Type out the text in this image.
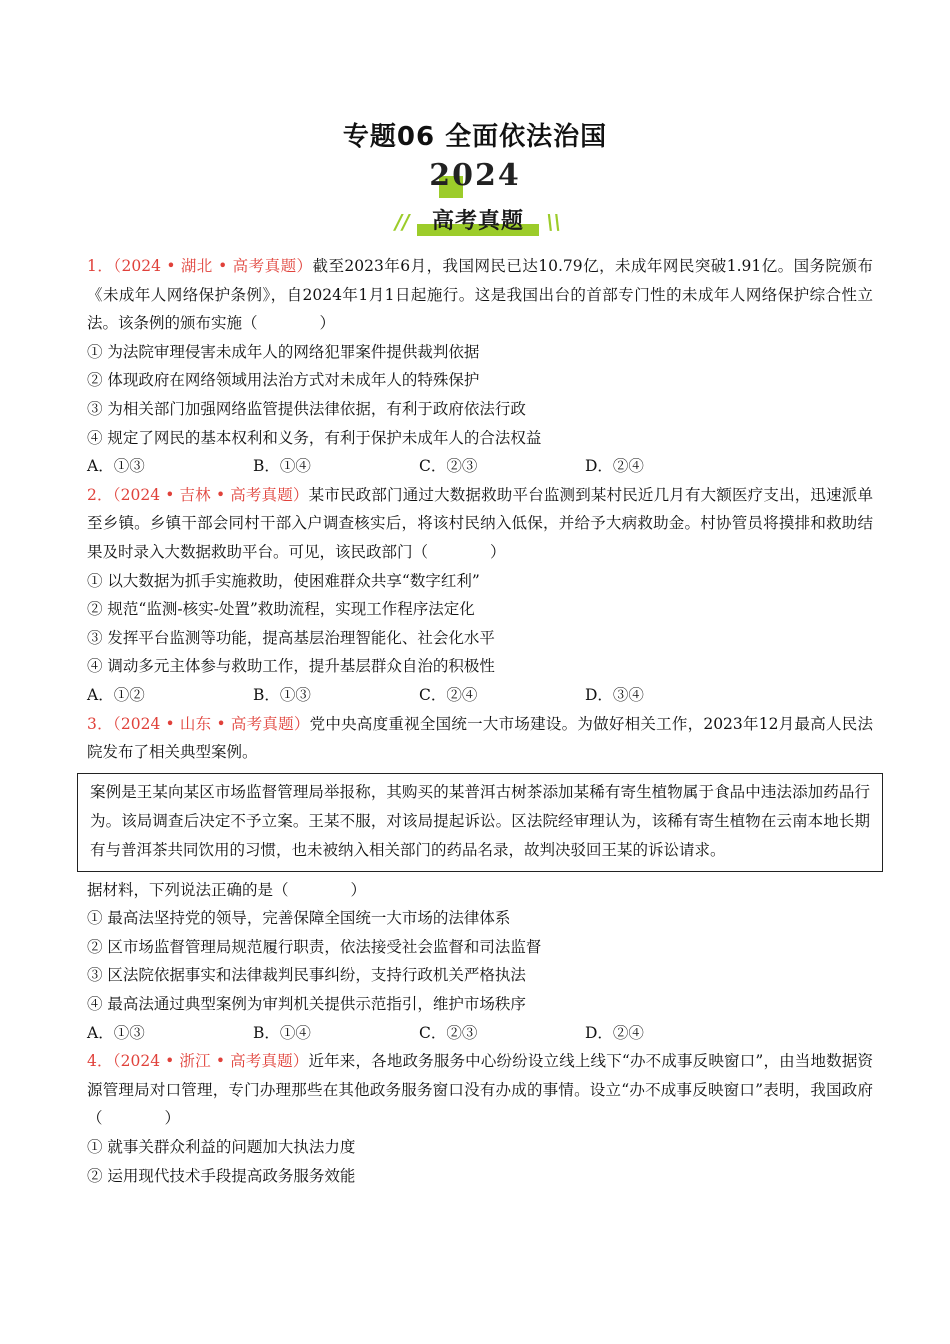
专题06 全面依法治国
2024
//	高考真题	\\
1．（2024 • 湖北 • 高考真题）截至2023年6月，我国网民已达10.79亿，未成年网民突破1.91亿。国务院颁布《未成年人网络保护条例》，自2024年1月1日起施行。这是我国出台的首部专门性的未成年人网络保护综合性立法。该条例的颁布实施（　　　　）
① 为法院审理侵害未成年人的网络犯罪案件提供裁判依据
② 体现政府在网络领域用法治方式对未成年人的特殊保护
③ 为相关部门加强网络监管提供法律依据，有利于政府依法行政
④ 规定了网民的基本权利和义务，有利于保护未成年人的合法权益
A．①③	B．①④	C．②③	D．②④
2．（2024 • 吉林 • 高考真题）某市民政部门通过大数据救助平台监测到某村民近几月有大额医疗支出，迅速派单至乡镇。乡镇干部会同村干部入户调查核实后，将该村民纳入低保，并给予大病救助金。村协管员将摸排和救助结果及时录入大数据救助平台。可见，该民政部门（　　　　）
① 以大数据为抓手实施救助，使困难群众共享“数字红利”
② 规范“监测-核实-处置”救助流程，实现工作程序法定化
③ 发挥平台监测等功能，提高基层治理智能化、社会化水平
④ 调动多元主体参与救助工作，提升基层群众自治的积极性
A．①②	B．①③	C．②④	D．③④
3．（2024 • 山东 • 高考真题）党中央高度重视全国统一大市场建设。为做好相关工作，2023年12月最高人民法院发布了相关典型案例。
案例是王某向某区市场监督管理局举报称，其购买的某普洱古树茶添加某稀有寄生植物属于食品中违法添加药品行为。该局调查后决定不予立案。王某不服，对该局提起诉讼。区法院经审理认为，该稀有寄生植物在云南本地长期有与普洱茶共同饮用的习惯，也未被纳入相关部门的药品名录，故判决驳回王某的诉讼请求。
据材料，下列说法正确的是（　　　　）
① 最高法坚持党的领导，完善保障全国统一大市场的法律体系
② 区市场监督管理局规范履行职责，依法接受社会监督和司法监督
③ 区法院依据事实和法律裁判民事纠纷，支持行政机关严格执法
④ 最高法通过典型案例为审判机关提供示范指引，维护市场秩序
A．①③	B．①④	C．②③	D．②④
4．（2024 • 浙江 • 高考真题）近年来，各地政务服务中心纷纷设立线上线下“办不成事反映窗口”，由当地数据资源管理局对口管理，专门办理那些在其他政务服务窗口没有办成的事情。设立“办不成事反映窗口”表明，我国政府（　　　　）
① 就事关群众利益的问题加大执法力度
② 运用现代技术手段提高政务服务效能
